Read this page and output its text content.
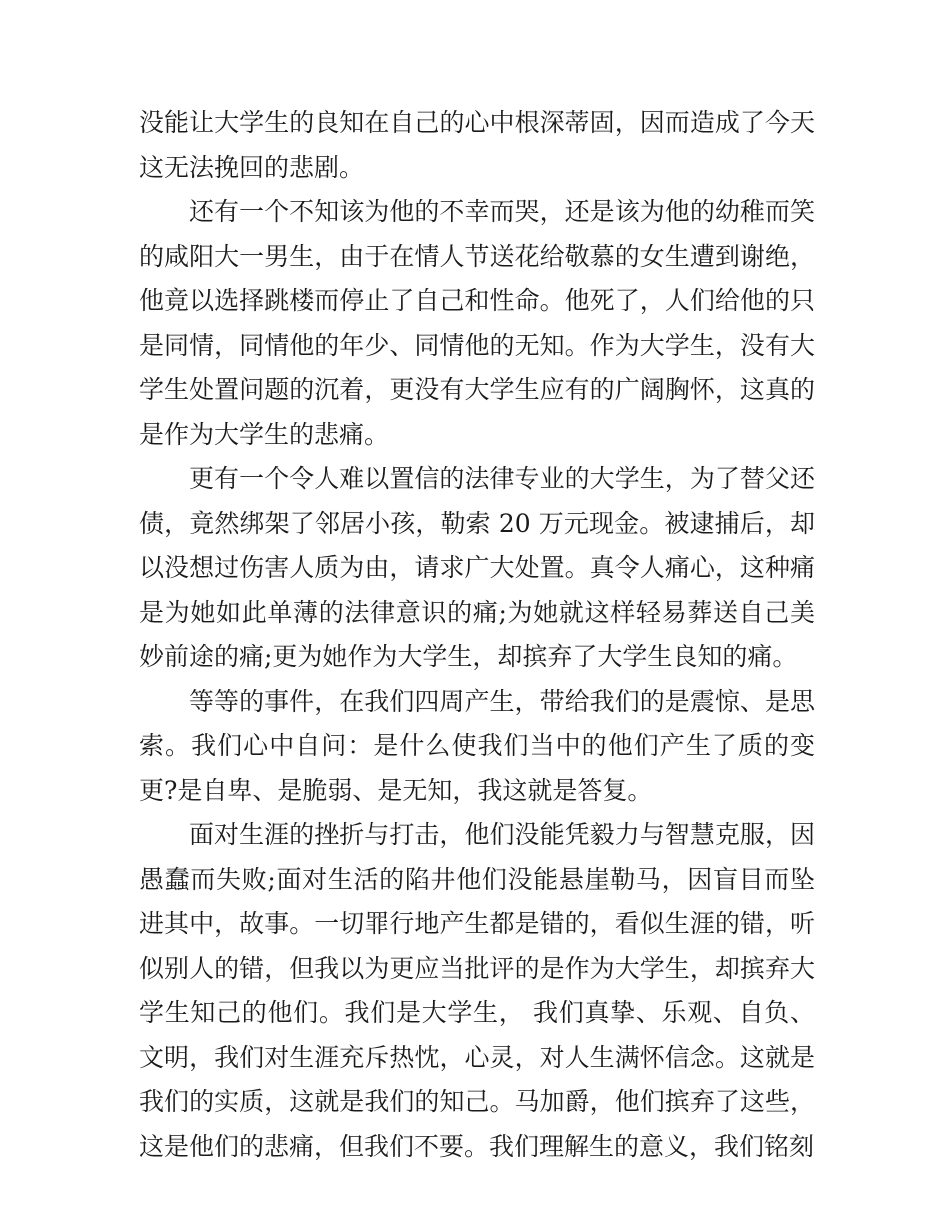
没能让大学生的良知在自己的心中根深蒂固，因而造成了今天
这无法挽回的悲剧。
还有一个不知该为他的不幸而哭，还是该为他的幼稚而笑
的咸阳大一男生，由于在情人节送花给敬慕的女生遭到谢绝，
他竟以选择跳楼而停止了自己和性命。他死了，人们给他的只
是同情，同情他的年少、同情他的无知。作为大学生，没有大
学生处置问题的沉着，更没有大学生应有的广阔胸怀，这真的
是作为大学生的悲痛。
更有一个令人难以置信的法律专业的大学生，为了替父还
债，竟然绑架了邻居小孩，勒索 20 万元现金。被逮捕后，却
以没想过伤害人质为由，请求广大处置。真令人痛心，这种痛
是为她如此单薄的法律意识的痛;为她就这样轻易葬送自己美
妙前途的痛;更为她作为大学生，却摈弃了大学生良知的痛。
等等的事件，在我们四周产生，带给我们的是震惊、是思
索。我们心中自问：是什么使我们当中的他们产生了质的变
更?是自卑、是脆弱、是无知，我这就是答复。
面对生涯的挫折与打击，他们没能凭毅力与智慧克服，因
愚蠢而失败;面对生活的陷井他们没能悬崖勒马，因盲目而坠
进其中，故事。一切罪行地产生都是错的，看似生涯的错，听
似别人的错，但我以为更应当批评的是作为大学生，却摈弃大
学生知己的他们。我们是大学生， 我们真挚、乐观、自负、
文明，我们对生涯充斥热忱，心灵，对人生满怀信念。这就是
我们的实质，这就是我们的知己。马加爵，他们摈弃了这些，
这是他们的悲痛，但我们不要。我们理解生的意义，我们铭刻
